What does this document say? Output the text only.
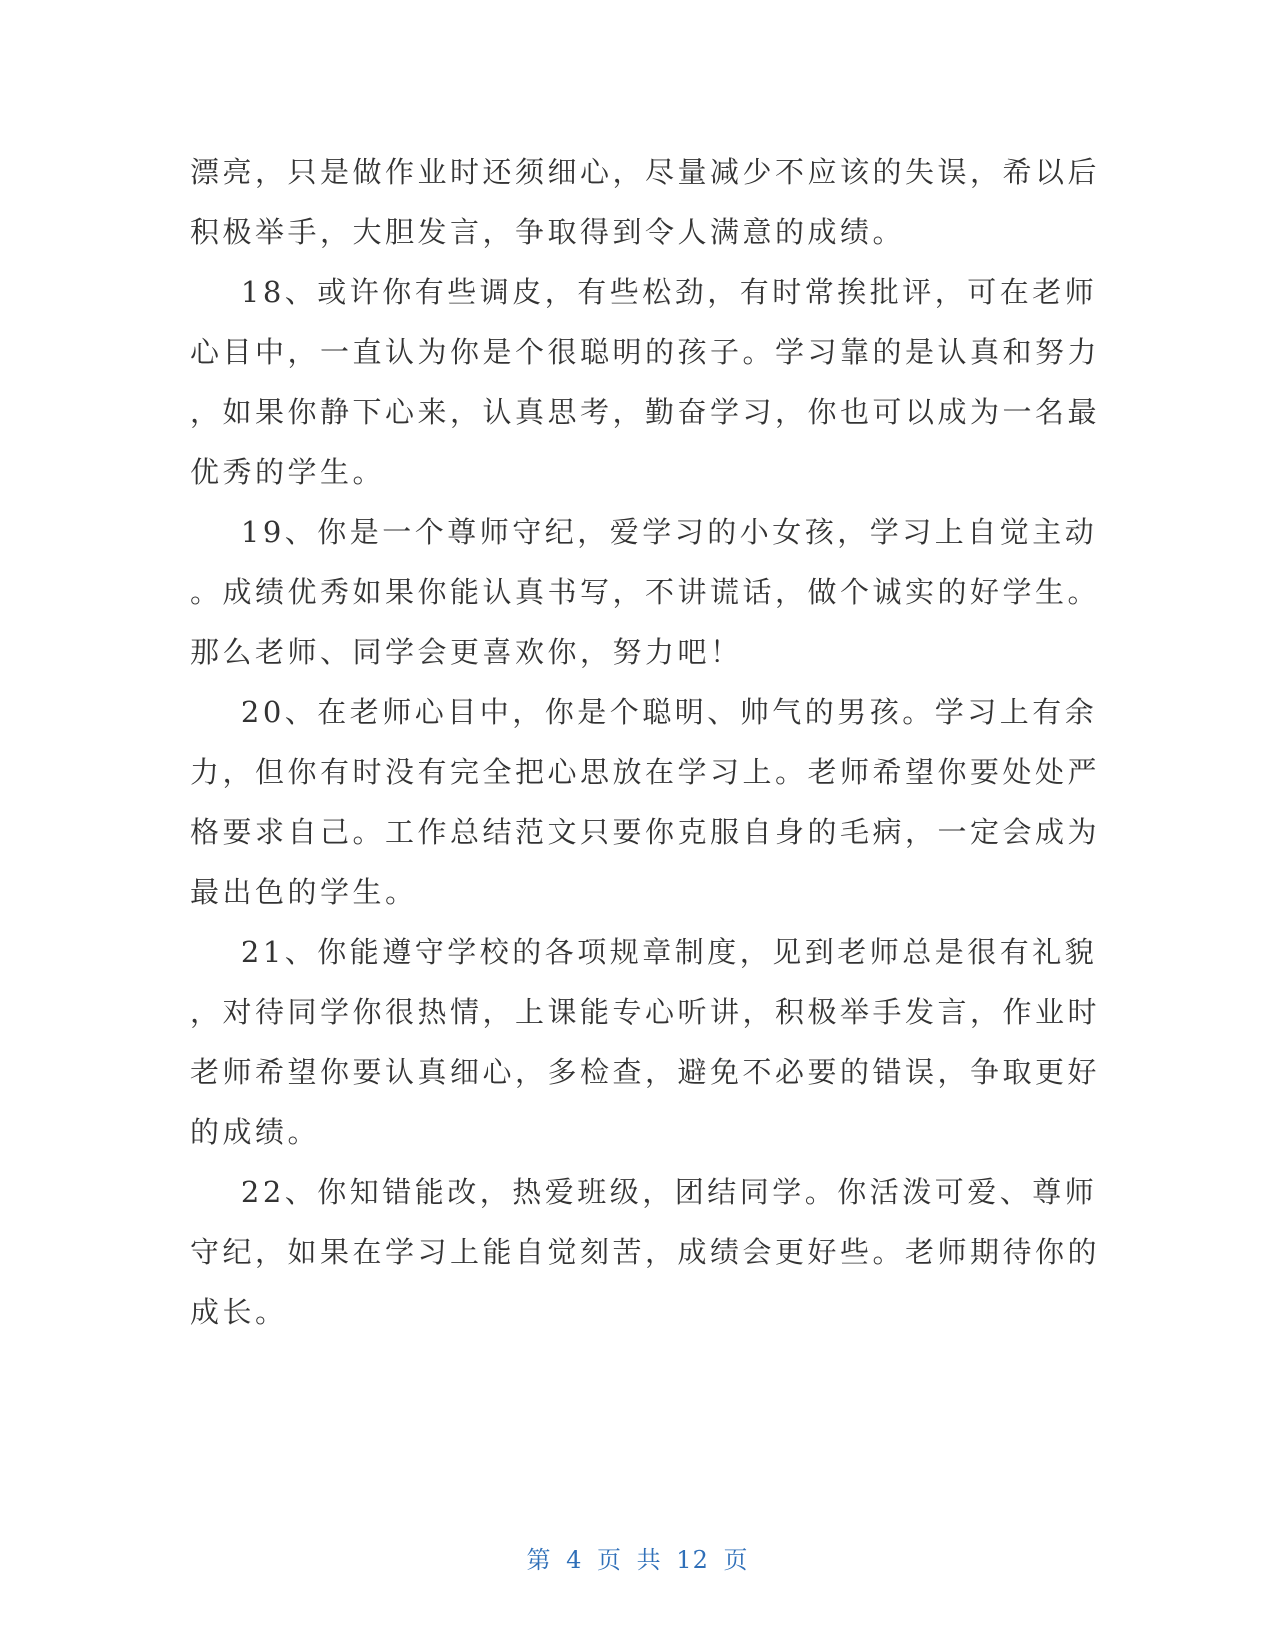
漂亮，只是做作业时还须细心，尽量减少不应该的失误，希以后
积极举手，大胆发言，争取得到令人满意的成绩。
18、或许你有些调皮，有些松劲，有时常挨批评，可在老师
心目中，一直认为你是个很聪明的孩子。学习靠的是认真和努力
，如果你静下心来，认真思考，勤奋学习，你也可以成为一名最
优秀的学生。
19、你是一个尊师守纪，爱学习的小女孩，学习上自觉主动
。成绩优秀如果你能认真书写，不讲谎话，做个诚实的好学生。
那么老师、同学会更喜欢你，努力吧！
20、在老师心目中，你是个聪明、帅气的男孩。学习上有余
力，但你有时没有完全把心思放在学习上。老师希望你要处处严
格要求自己。工作总结范文只要你克服自身的毛病，一定会成为
最出色的学生。
21、你能遵守学校的各项规章制度，见到老师总是很有礼貌
，对待同学你很热情，上课能专心听讲，积极举手发言，作业时
老师希望你要认真细心，多检查，避免不必要的错误，争取更好
的成绩。
22、你知错能改，热爱班级，团结同学。你活泼可爱、尊师
守纪，如果在学习上能自觉刻苦，成绩会更好些。老师期待你的
成长。
第 4 页 共 12 页
